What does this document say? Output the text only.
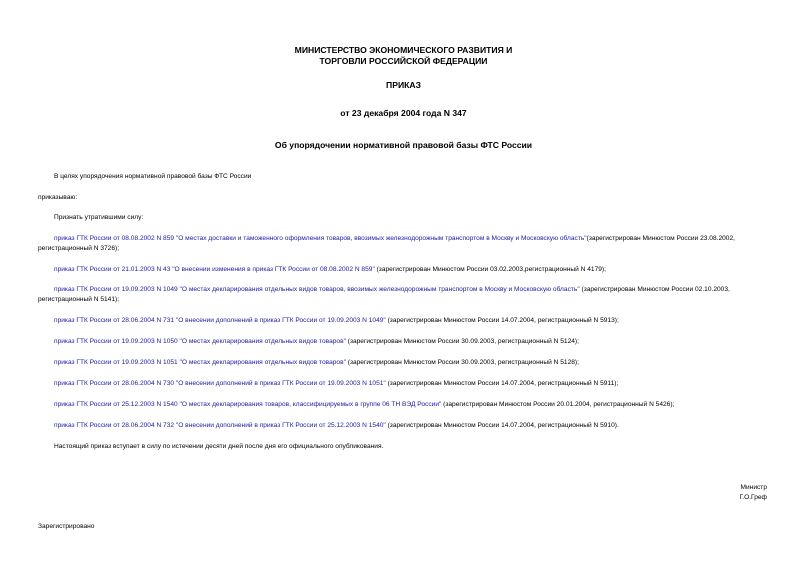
МИНИСТЕРСТВО ЭКОНОМИЧЕСКОГО РАЗВИТИЯ И
ТОРГОВЛИ РОССИЙСКОЙ ФЕДЕРАЦИИ
ПРИКАЗ
от 23 декабря 2004 года N 347
Об упорядочении нормативной правовой базы ФТС России
В целях упорядочения нормативной правовой базы ФТС России
приказываю:
Признать утратившими силу:
приказ ГТК России от 08.08.2002 N 859 "О местах доставки и таможенного оформления товаров, ввозимых железнодорожным транспортом в Москву и Московскую область"(зарегистрирован Минюстом России 23.08.2002, регистрационный N 3726);
приказ ГТК России от 21.01.2003 N 43 "О внесении изменения в приказ ГТК России от 08.08.2002 N 859" (зарегистрирован Минюстом России 03.02.2003,регистрационный N 4179);
приказ ГТК России от 19.09.2003 N 1049 "О местах декларирования отдельных видов товаров, ввозимых железнодорожным транспортом в Москву и Московскую область" (зарегистрирован Минюстом России 02.10.2003, регистрационный N 5141);
приказ ГТК России от 28.06.2004 N 731 "О внесении дополнений в приказ ГТК России от 19.09.2003 N 1049" (зарегистрирован Минюстом России 14.07.2004, регистрационный N 5913);
приказ ГТК России от 19.09.2003 N 1050 "О местах декларирования отдельных видов товаров" (зарегистрирован Минюстом России 30.09.2003, регистрационный N 5124);
приказ ГТК России от 19.09.2003 N 1051 "О местах декларирования отдельных видов товаров" (зарегистрирован Минюстом России 30.09.2003, регистрационный N 5128);
приказ ГТК России от 28.06.2004 N 730 "О внесении дополнений в приказ ГТК России от 19.09.2003 N 1051" (зарегистрирован Минюстом России 14.07.2004, регистрационный N 5911);
приказ ГТК России от 25.12.2003 N 1540 "О местах декларирования товаров, классифицируемых в группе 06 ТН ВЭД России" (зарегистрирован Минюстом России 20.01.2004, регистрационный N 5426);
приказ ГТК России от 28.06.2004 N 732 "О внесении дополнений в приказ ГТК России от 25.12.2003 N 1540" (зарегистрирован Минюстом России 14.07.2004, регистрационный N 5910).
Настоящий приказ вступает в силу по истечении десяти дней после дня его официального опубликования.
Министр
Г.О.Греф
Зарегистрировано
